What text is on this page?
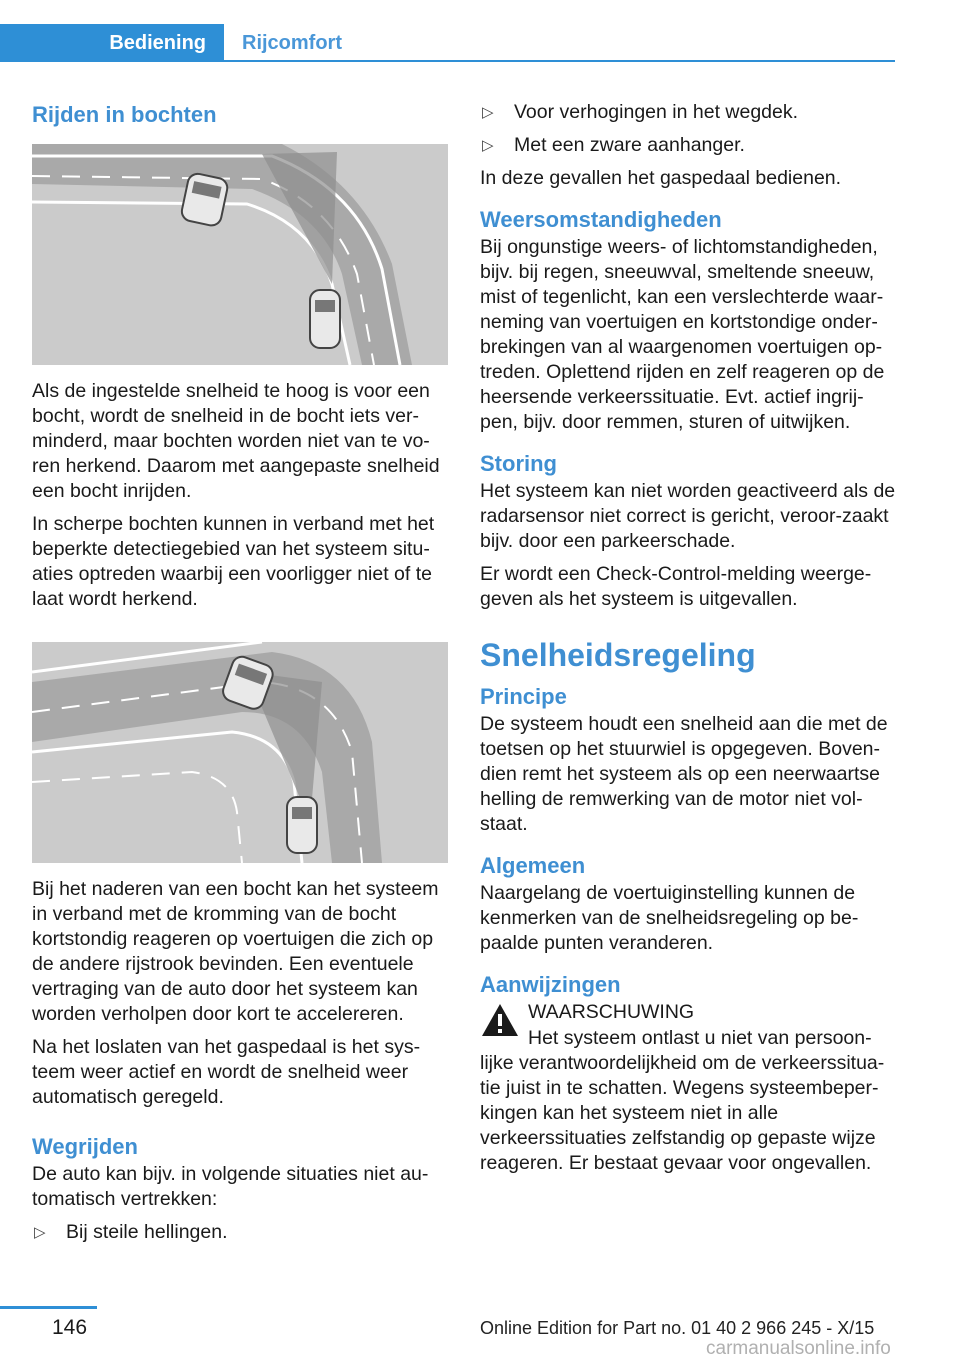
Bediening	Rijcomfort
Rijden in bochten

Als de ingestelde snelheid te hoog is voor een bocht, wordt de snelheid in de bocht iets ver-minderd, maar bochten worden niet van te vo-ren herkend. Daarom met aangepaste snelheid een bocht inrijden.

In scherpe bochten kunnen in verband met het beperkte detectiegebied van het systeem situ-aties optreden waarbij een voorligger niet of te laat wordt herkend.

Bij het naderen van een bocht kan het systeem in verband met de kromming van de bocht kortstondig reageren op voertuigen die zich op de andere rijstrook bevinden. Een eventuele vertraging van de auto door het systeem kan worden verholpen door kort te accelereren.

Na het loslaten van het gaspedaal is het sys-teem weer actief en wordt de snelheid weer automatisch geregeld.

Wegrijden

De auto kan bijv. in volgende situaties niet au-tomatisch vertrekken:

▷ Bij steile hellingen.
▷ Voor verhogingen in het wegdek.
▷ Met een zware aanhanger.

In deze gevallen het gaspedaal bedienen.

Weersomstandigheden

Bij ongunstige weers- of lichtomstandigheden, bijv. bij regen, sneeuwval, smeltende sneeuw, mist of tegenlicht, kan een verslechterde waar-neming van voertuigen en kortstondige onder-brekingen van al waargenomen voertuigen op-treden. Oplettend rijden en zelf reageren op de heersende verkeerssituatie. Evt. actief ingrij-pen, bijv. door remmen, sturen of uitwijken.

Storing

Het systeem kan niet worden geactiveerd als de radarsensor niet correct is gericht, veroor-zaakt bijv. door een parkeerschade.

Er wordt een Check-Control-melding weerge-geven als het systeem is uitgevallen.

Snelheidsregeling
Principe

De systeem houdt een snelheid aan die met de toetsen op het stuurwiel is opgegeven. Boven-dien remt het systeem als op een neerwaartse helling de remwerking van de motor niet vol-staat.

Algemeen

Naargelang de voertuiginstelling kunnen de kenmerken van de snelheidsregeling op be-paalde punten veranderen.

Aanwijzingen
WAARSCHUWING
Het systeem ontlast u niet van persoon-lijke verantwoordelijkheid om de verkeerssitua-tie juist in te schatten. Wegens systeembeper-kingen kan het systeem niet in alle verkeerssituaties zelfstandig op gepaste wijze reageren. Er bestaat gevaar voor ongevallen.
146	Online Edition for Part no. 01 40 2 966 245 - X/15
carmanualsonline.info
